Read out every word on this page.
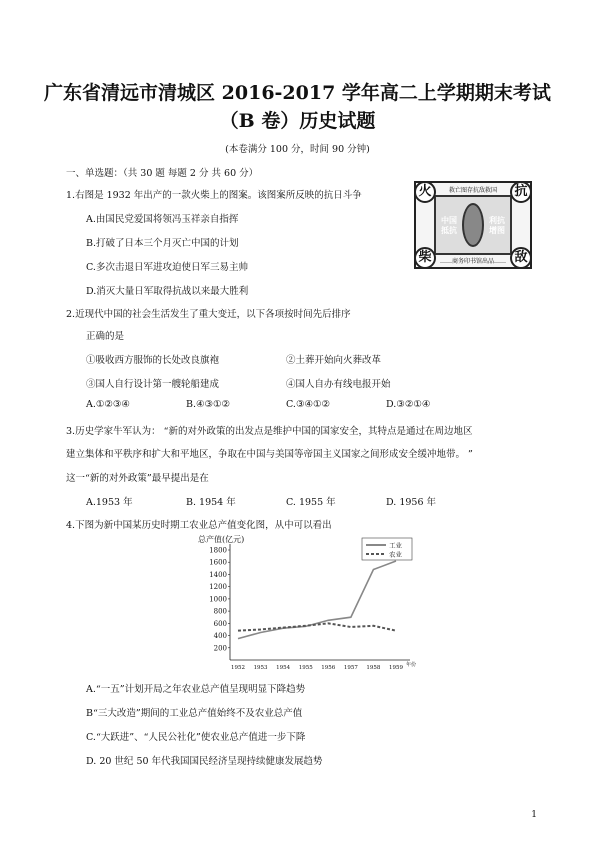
广东省清远市清城区 2016-2017 学年高二上学期期末考试
（B 卷）历史试题
(本卷满分 100 分，时间 90 分钟)
一、单选题：（共 30 题 每题 2 分 共 60 分）
1.右图是 1932 年出产的一款火柴上的图案。该图案所反映的抗日斗争
A.由国民党爱国将领冯玉祥亲自指挥
B.打破了日本三个月灭亡中国的计划
C.多次击退日军进攻迫使日军三易主帅
D.消灭大量日军取得抗战以来最大胜利
救亡图存抗敌救国
中国抵抗
利抗增图
……商务印书馆出品……
火	抗
柴	敌
2.近现代中国的社会生活发生了重大变迁，以下各项按时间先后排序
正确的是
①吸收西方服饰的长处改良旗袍	②土葬开始向火葬改革
③国人自行设计第一艘轮船建成	④国人自办有线电报开始
A.①②③④	B.④③①②	C.③④①②	D.③②①④
3.历史学家牛军认为： “新的对外政策的出发点是维护中国的国家安全，其特点是通过在周边地区
建立集体和平秩序和扩大和平地区，争取在中国与美国等帝国主义国家之间形成安全缓冲地带。 ”
这一“新的对外政策”最早提出是在
A.1953 年	B. 1954 年	C. 1955 年	D. 1956 年
4.下图为新中国某历史时期工农业总产值变化图，从中可以看出
总产值(亿元)
年份
200
400
600
800
1000
1200
1400
1600
1800
1952 1953 1954 1955 1956 1957 1958 1959
工业
农业
A.“一五”计划开局之年农业总产值呈现明显下降趋势
B“三大改造”期间的工业总产值始终不及农业总产值
C.“大跃进”、“人民公社化”使农业总产值进一步下降
D. 20 世纪 50 年代我国国民经济呈现持续健康发展趋势
1
